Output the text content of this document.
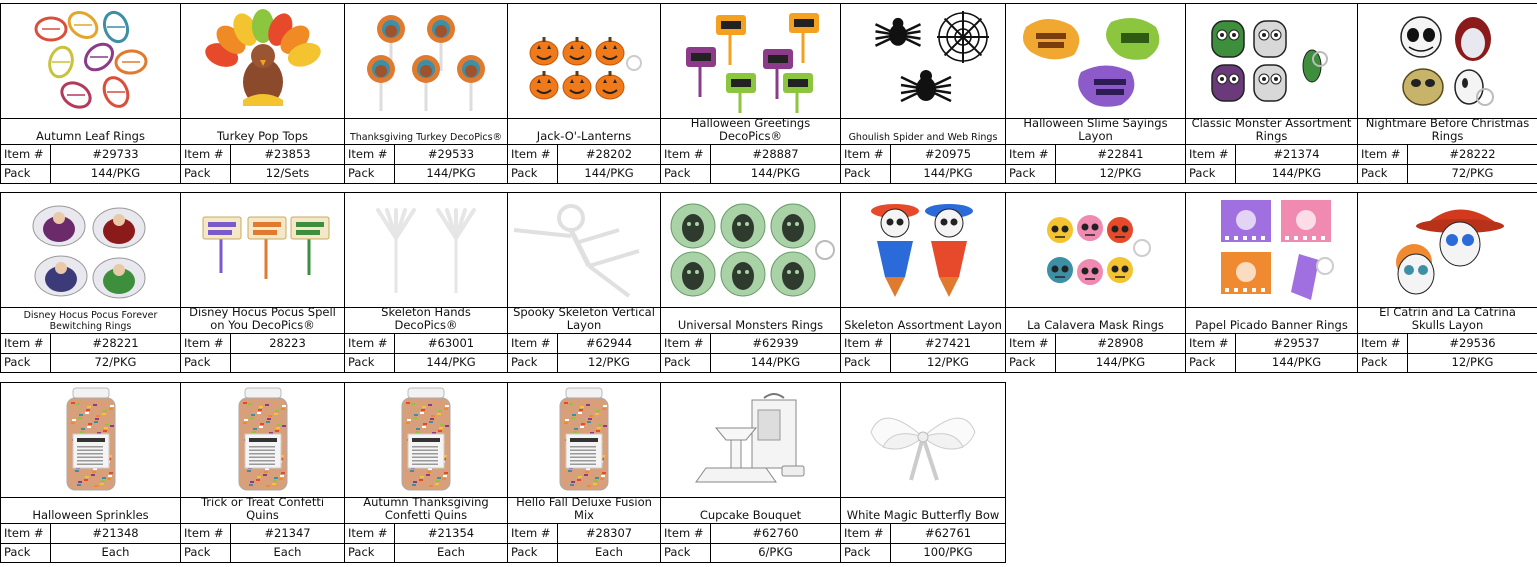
Autumn Leaf Rings
Item #	#29733
Pack	144/PKG
Turkey Pop Tops
Item #	#23853
Pack	12/Sets
Thanksgiving Turkey DecoPics®
Item #	#29533
Pack	144/PKG
Jack-O'-Lanterns
Item #	#28202
Pack	144/PKG
Halloween Greetings DecoPics®
Item #	#28887
Pack	144/PKG
Ghoulish Spider and Web Rings
Item #	#20975
Pack	144/PKG
Halloween Slime Sayings Layon
Item #	#22841
Pack	12/PKG
Classic Monster Assortment Rings
Item #	#21374
Pack	144/PKG
Nightmare Before Christmas Rings
Item #	#28222
Pack	72/PKG
Disney Hocus Pocus Forever Bewitching Rings
Item #	#28221
Pack	72/PKG
Disney Hocus Pocus Spell on You DecoPics®
Item #	28223
Pack
Skeleton Hands DecoPics®
Item #	#63001
Pack	144/PKG
Spooky Skeleton Vertical Layon
Item #	#62944
Pack	12/PKG
Universal Monsters Rings
Item #	#62939
Pack	144/PKG
Skeleton Assortment Layon
Item #	#27421
Pack	12/PKG
La Calavera Mask Rings
Item #	#28908
Pack	144/PKG
Papel Picado Banner Rings
Item #	#29537
Pack	144/PKG
El Catrin and La Catrina Skulls Layon
Item #	#29536
Pack	12/PKG
Halloween Sprinkles
Item #	#21348
Pack	Each
Trick or Treat Confetti Quins
Item #	#21347
Pack	Each
Autumn Thanksgiving Confetti Quins
Item #	#21354
Pack	Each
Hello Fall Deluxe Fusion Mix
Item #	#28307
Pack	Each
Cupcake Bouquet
Item #	#62760
Pack	6/PKG
White Magic Butterfly Bow
Item #	#62761
Pack	100/PKG
